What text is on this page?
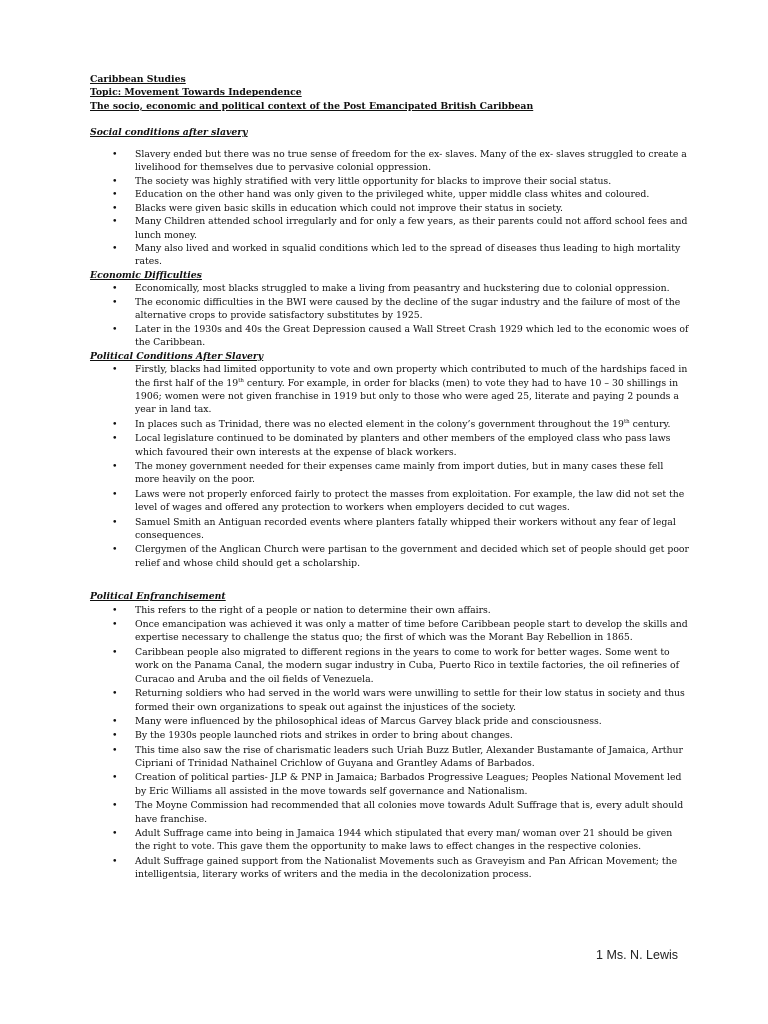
Caribbean Studies

Topic: Movement Towards Independence

The socio, economic and political context of the Post Emancipated British Caribbean

Social conditions after slavery

• Slavery ended but there was no true sense of freedom for the ex- slaves. Many of the ex- slaves struggled to create a livelihood for themselves due to pervasive colonial oppression.
• The society was highly stratified with very little opportunity for blacks to improve their social status.
• Education on the other hand was only given to the privileged white, upper middle class whites and coloured.
• Blacks were given basic skills in education which could not improve their status in society.
• Many Children attended school irregularly and for only a few years, as their parents could not afford school fees and lunch money.
• Many also lived and worked in squalid conditions which led to the spread of diseases thus leading to high mortality rates.

Economic Difficulties

• Economically, most blacks struggled to make a living from peasantry and huckstering due to colonial oppression.
• The economic difficulties in the BWI were caused by the decline of the sugar industry and the failure of most of the alternative crops to provide satisfactory substitutes by 1925.
• Later in the 1930s and 40s the Great Depression caused a Wall Street Crash 1929 which led to the economic woes of the Caribbean.

Political Conditions After Slavery

• Firstly, blacks had limited opportunity to vote and own property which contributed to much of the hardships faced in the first half of the 19th century. For example, in order for blacks (men) to vote they had to have 10 – 30 shillings in 1906; women were not given franchise in 1919 but only to those who were aged 25, literate and paying 2 pounds a year in land tax.
• In places such as Trinidad, there was no elected element in the colony’s government throughout the 19th century.
• Local legislature continued to be dominated by planters and other members of the employed class who pass laws which favoured their own interests at the expense of black workers.
• The money government needed for their expenses came mainly from import duties, but in many cases these fell more heavily on the poor.
• Laws were not properly enforced fairly to protect the masses from exploitation. For example, the law did not set the level of wages and offered any protection to workers when employers decided to cut wages.
• Samuel Smith an Antiguan recorded events where planters fatally whipped their workers without any fear of legal consequences.
• Clergymen of the Anglican Church were partisan to the government and decided which set of people should get poor relief and whose child should get a scholarship.

Political Enfranchisement

• This refers to the right of a people or nation to determine their own affairs.
• Once emancipation was achieved it was only a matter of time before Caribbean people start to develop the skills and expertise necessary to challenge the status quo; the first of which was the Morant Bay Rebellion in 1865.
• Caribbean people also migrated to different regions in the years to come to work for better wages. Some went to work on the Panama Canal, the modern sugar industry in Cuba, Puerto Rico in textile factories, the oil refineries of Curacao and Aruba and the oil fields of Venezuela.
• Returning soldiers who had served in the world wars were unwilling to settle for their low status in society and thus formed their own organizations to speak out against the injustices of the society.
• Many were influenced by the philosophical ideas of Marcus Garvey black pride and consciousness.
• By the 1930s people launched riots and strikes in order to bring about changes.
• This time also saw the rise of charismatic leaders such Uriah Buzz Butler, Alexander Bustamante of Jamaica, Arthur Cipriani of Trinidad Nathainel Crichlow of Guyana and Grantley Adams of Barbados.
• Creation of political parties- JLP & PNP in Jamaica; Barbados Progressive Leagues; Peoples National Movement led by Eric Williams all assisted in the move towards self governance and Nationalism.
• The Moyne Commission had recommended that all colonies move towards Adult Suffrage that is, every adult should have franchise.
• Adult Suffrage came into being in Jamaica 1944 which stipulated that every man/ woman over 21 should be given the right to vote. This gave them the opportunity to make laws to effect changes in the respective colonies.
• Adult Suffrage gained support from the Nationalist Movements such as Graveyism and Pan African Movement; the intelligentsia, literary works of writers and the media in the decolonization process.
1 Ms. N. Lewis
